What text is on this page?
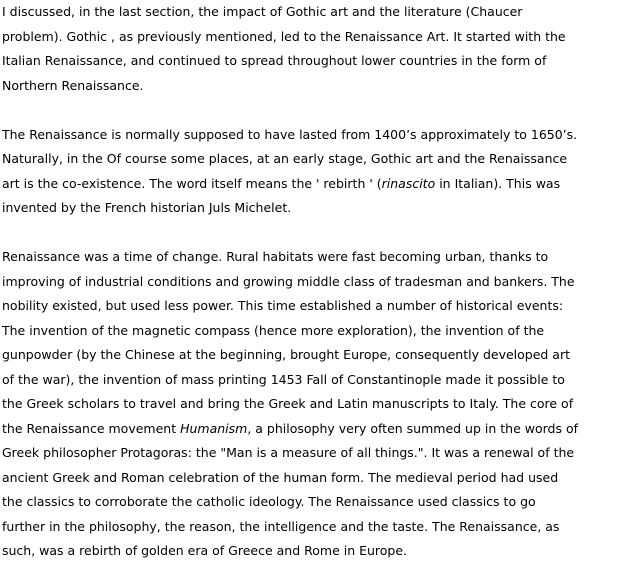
I discussed, in the last section, the impact of Gothic art and the literature (Chaucer
problem). Gothic , as previously mentioned, led to the Renaissance Art. It started with the
Italian Renaissance, and continued to spread throughout lower countries in the form of
Northern Renaissance.
The Renaissance is normally supposed to have lasted from 1400’s approximately to 1650’s.
Naturally, in the Of course some places, at an early stage, Gothic art and the Renaissance
art is the co-existence. The word itself means the ' rebirth ' (rinascito in Italian). This was
invented by the French historian Juls Michelet.
Renaissance was a time of change. Rural habitats were fast becoming urban, thanks to
improving of industrial conditions and growing middle class of tradesman and bankers. The
nobility existed, but used less power. This time established a number of historical events:
The invention of the magnetic compass (hence more exploration), the invention of the
gunpowder (by the Chinese at the beginning, brought Europe, consequently developed art
of the war), the invention of mass printing 1453 Fall of Constantinople made it possible to
the Greek scholars to travel and bring the Greek and Latin manuscripts to Italy. The core of
the Renaissance movement Humanism, a philosophy very often summed up in the words of
Greek philosopher Protagoras: the "Man is a measure of all things.". It was a renewal of the
ancient Greek and Roman celebration of the human form. The medieval period had used
the classics to corroborate the catholic ideology. The Renaissance used classics to go
further in the philosophy, the reason, the intelligence and the taste. The Renaissance, as
such, was a rebirth of golden era of Greece and Rome in Europe.
